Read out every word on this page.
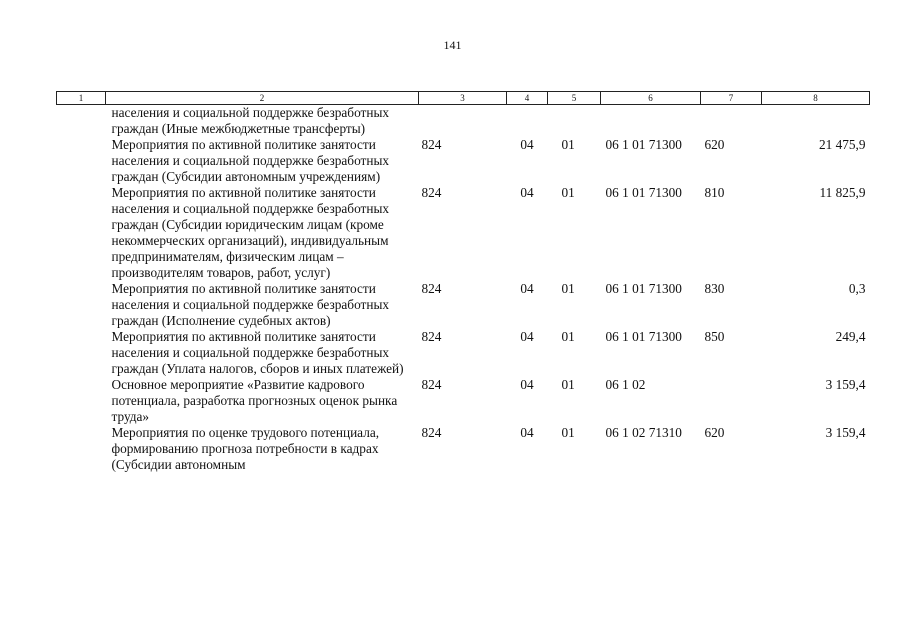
141
1	2	3	4	5	6	7	8
	населения и социальной поддержке безработных граждан (Иные межбюджетные трансферты)						
	Мероприятия по активной политике занятости населения и социальной поддержке безработных граждан (Субсидии автономным учреждениям)	824	04	01	06 1 01 71300	620	21 475,9
	Мероприятия по активной политике занятости населения и социальной поддержке безработных граждан (Субсидии юридическим лицам (кроме некоммерческих организаций), индивидуальным предпринимателям, физическим лицам – производителям товаров, работ, услуг)	824	04	01	06 1 01 71300	810	11 825,9
	Мероприятия по активной политике занятости населения и социальной поддержке безработных граждан (Исполнение судебных актов)	824	04	01	06 1 01 71300	830	0,3
	Мероприятия по активной политике занятости населения и социальной поддержке безработных граждан (Уплата налогов, сборов и иных платежей)	824	04	01	06 1 01 71300	850	249,4
	Основное мероприятие «Развитие кадрового потенциала, разработка прогнозных оценок рынка труда»	824	04	01	06 1 02		3 159,4
	Мероприятия по оценке трудового потенциала, формированию прогноза потребности в кадрах (Субсидии автономным	824	04	01	06 1 02 71310	620	3 159,4
